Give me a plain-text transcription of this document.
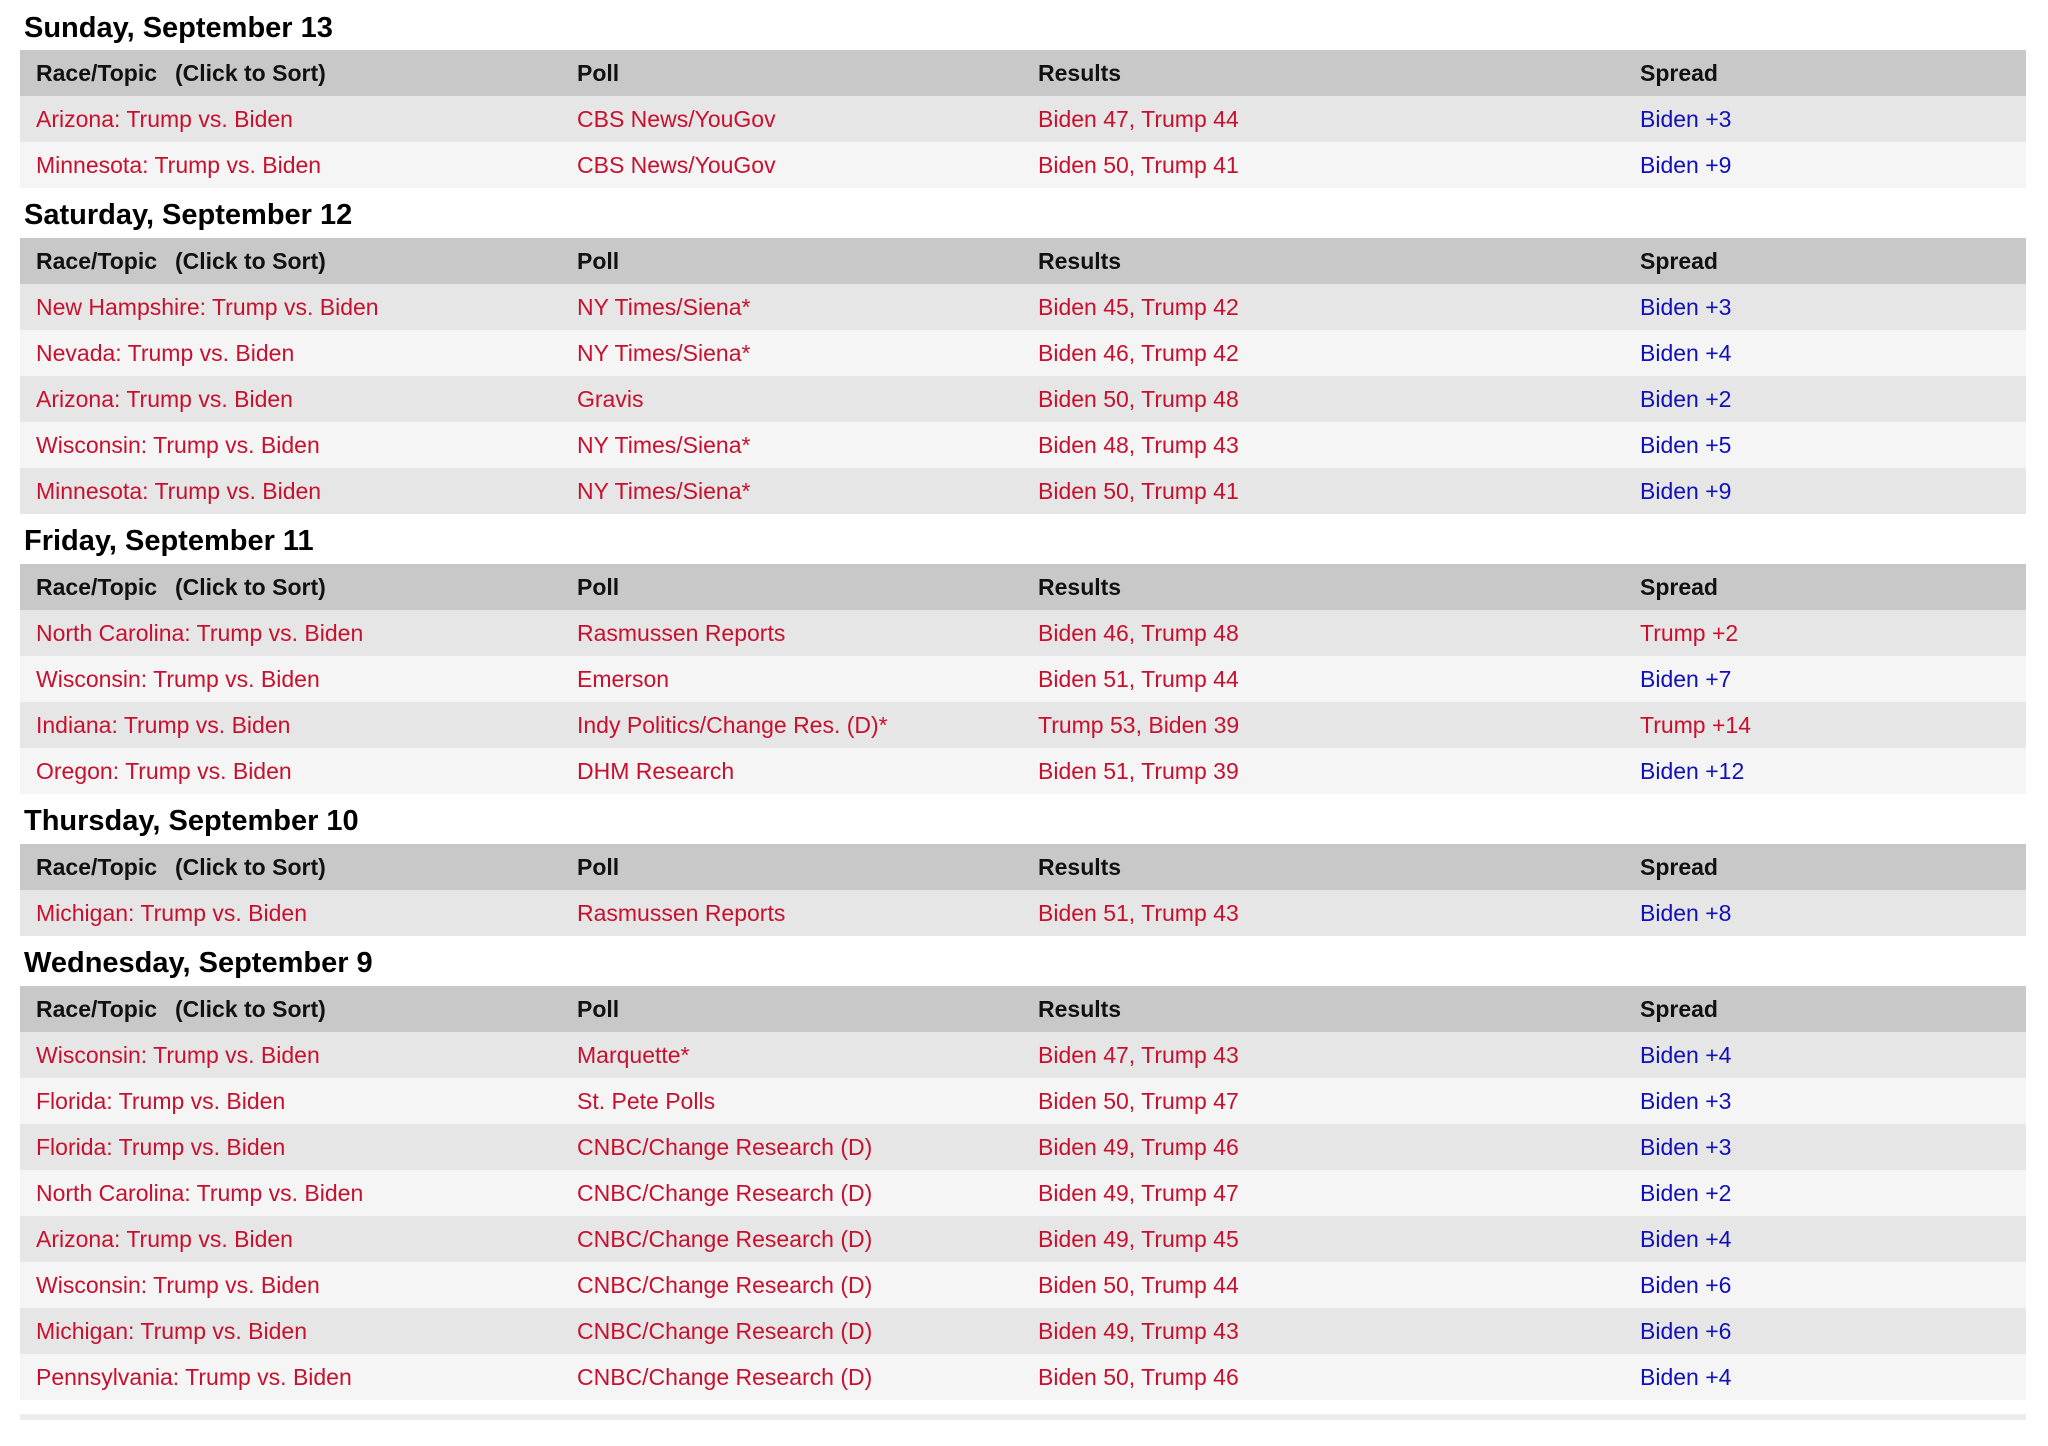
Sunday, September 13
Race/Topic (Click to Sort)	Poll	Results	Spread
Arizona: Trump vs. Biden	CBS News/YouGov	Biden 47, Trump 44	Biden +3
Minnesota: Trump vs. Biden	CBS News/YouGov	Biden 50, Trump 41	Biden +9
Saturday, September 12
Race/Topic (Click to Sort)	Poll	Results	Spread
New Hampshire: Trump vs. Biden	NY Times/Siena*	Biden 45, Trump 42	Biden +3
Nevada: Trump vs. Biden	NY Times/Siena*	Biden 46, Trump 42	Biden +4
Arizona: Trump vs. Biden	Gravis	Biden 50, Trump 48	Biden +2
Wisconsin: Trump vs. Biden	NY Times/Siena*	Biden 48, Trump 43	Biden +5
Minnesota: Trump vs. Biden	NY Times/Siena*	Biden 50, Trump 41	Biden +9
Friday, September 11
Race/Topic (Click to Sort)	Poll	Results	Spread
North Carolina: Trump vs. Biden	Rasmussen Reports	Biden 46, Trump 48	Trump +2
Wisconsin: Trump vs. Biden	Emerson	Biden 51, Trump 44	Biden +7
Indiana: Trump vs. Biden	Indy Politics/Change Res. (D)*	Trump 53, Biden 39	Trump +14
Oregon: Trump vs. Biden	DHM Research	Biden 51, Trump 39	Biden +12
Thursday, September 10
Race/Topic (Click to Sort)	Poll	Results	Spread
Michigan: Trump vs. Biden	Rasmussen Reports	Biden 51, Trump 43	Biden +8
Wednesday, September 9
Race/Topic (Click to Sort)	Poll	Results	Spread
Wisconsin: Trump vs. Biden	Marquette*	Biden 47, Trump 43	Biden +4
Florida: Trump vs. Biden	St. Pete Polls	Biden 50, Trump 47	Biden +3
Florida: Trump vs. Biden	CNBC/Change Research (D)	Biden 49, Trump 46	Biden +3
North Carolina: Trump vs. Biden	CNBC/Change Research (D)	Biden 49, Trump 47	Biden +2
Arizona: Trump vs. Biden	CNBC/Change Research (D)	Biden 49, Trump 45	Biden +4
Wisconsin: Trump vs. Biden	CNBC/Change Research (D)	Biden 50, Trump 44	Biden +6
Michigan: Trump vs. Biden	CNBC/Change Research (D)	Biden 49, Trump 43	Biden +6
Pennsylvania: Trump vs. Biden	CNBC/Change Research (D)	Biden 50, Trump 46	Biden +4
